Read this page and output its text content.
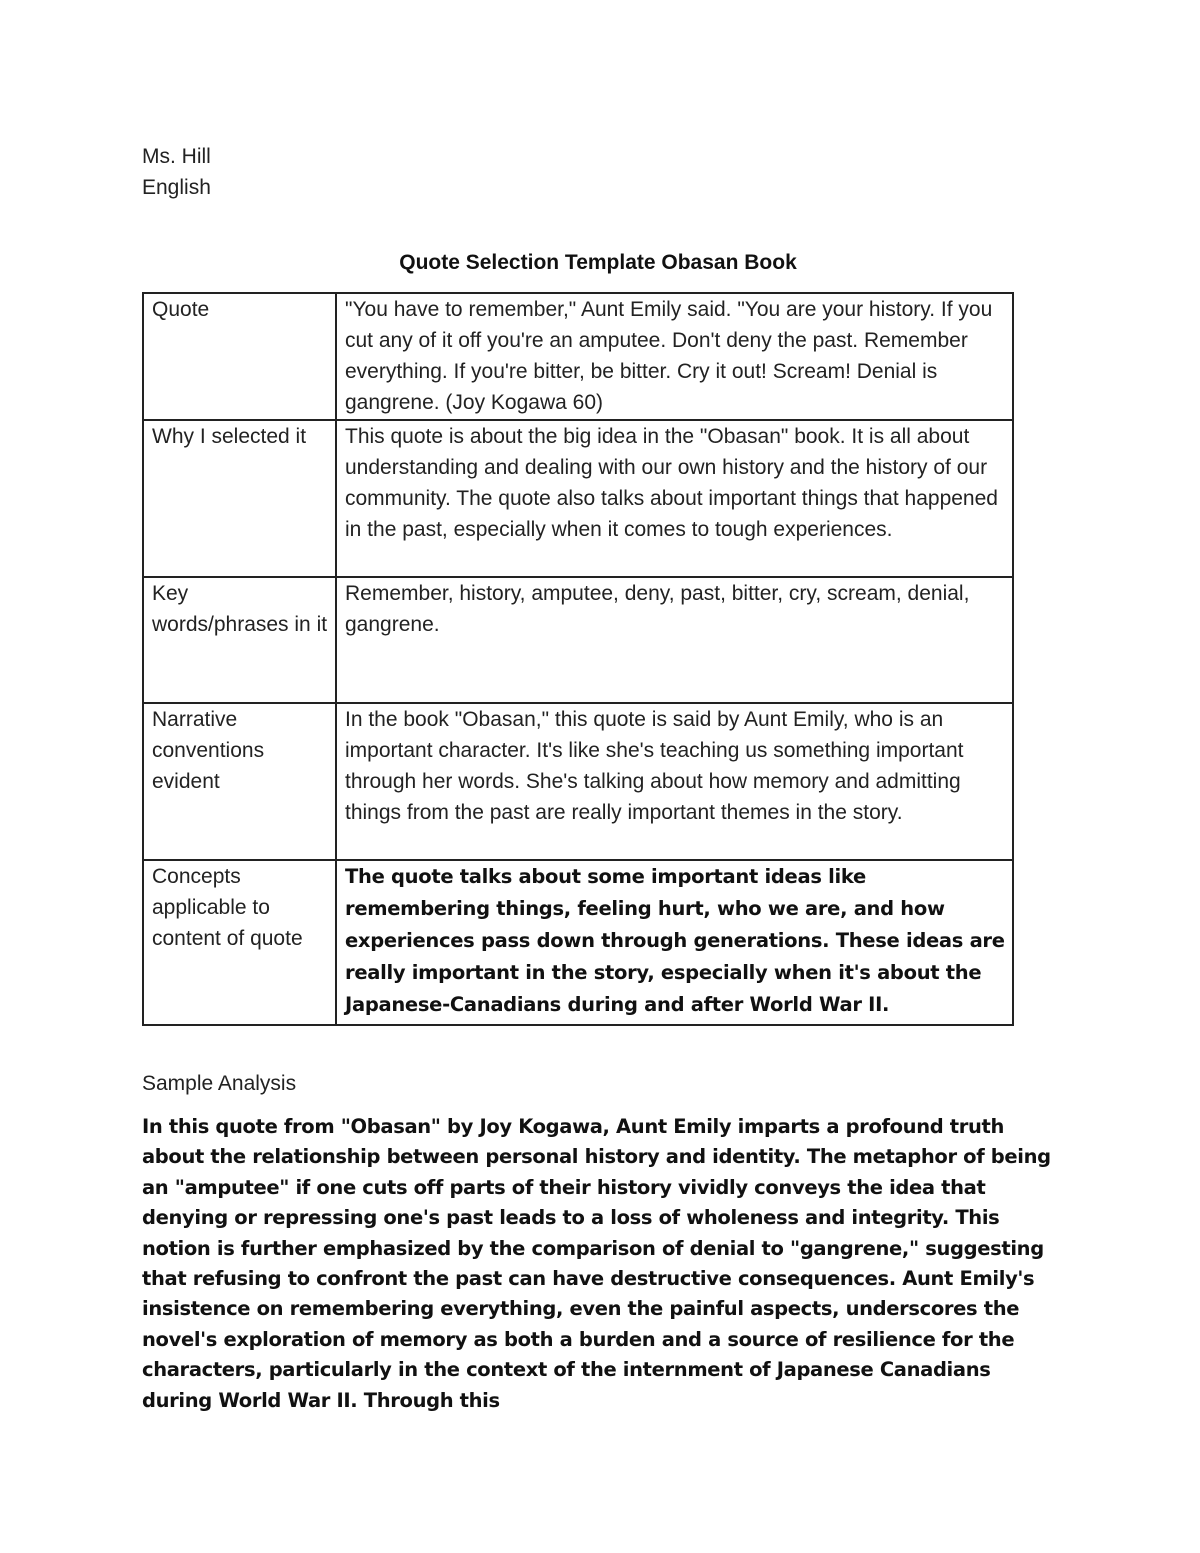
Ms. Hill
English
Quote Selection Template Obasan Book
Quote	"You have to remember," Aunt Emily said. "You are your history. If you cut any of it off you're an amputee. Don't deny the past. Remember everything. If you're bitter, be bitter. Cry it out! Scream! Denial is gangrene. (Joy Kogawa 60)
Why I selected it	This quote is about the big idea in the "Obasan" book. It is all about understanding and dealing with our own history and the history of our community. The quote also talks about important things that happened in the past, especially when it comes to tough experiences.
Key words/phrases in it	Remember, history, amputee, deny, past, bitter, cry, scream, denial, gangrene.
Narrative conventions evident	In the book "Obasan," this quote is said by Aunt Emily, who is an important character. It's like she's teaching us something important through her words. She's talking about how memory and admitting things from the past are really important themes in the story.
Concepts applicable to content of quote	The quote talks about some important ideas like remembering things, feeling hurt, who we are, and how experiences pass down through generations. These ideas are really important in the story, especially when it's about the Japanese-Canadians during and after World War II.
Sample Analysis

In this quote from "Obasan" by Joy Kogawa, Aunt Emily imparts a profound truth about the relationship between personal history and identity. The metaphor of being an "amputee" if one cuts off parts of their history vividly conveys the idea that denying or repressing one's past leads to a loss of wholeness and integrity. This notion is further emphasized by the comparison of denial to "gangrene," suggesting that refusing to confront the past can have destructive consequences. Aunt Emily's insistence on remembering everything, even the painful aspects, underscores the novel's exploration of memory as both a burden and a source of resilience for the characters, particularly in the context of the internment of Japanese Canadians during World War II. Through this
